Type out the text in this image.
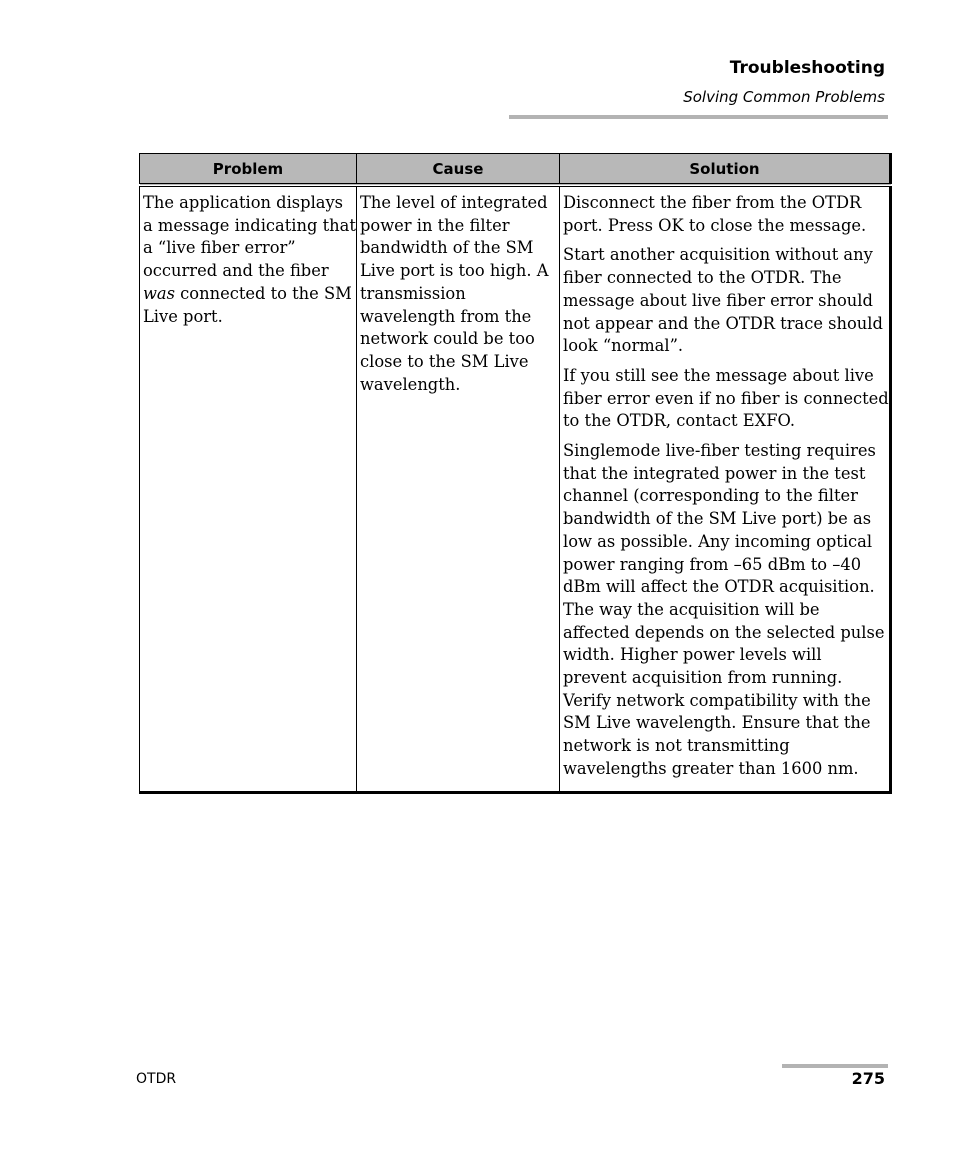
Troubleshooting
Solving Common Problems
Problem	Cause	Solution
The application displays a message indicating that a “live fiber error” occurred and the fiber was connected to the SM Live port.	The level of integrated power in the filter bandwidth of the SM Live port is too high. A transmission wavelength from the network could be too close to the SM Live wavelength.	Disconnect the fiber from the OTDR port. Press OK to close the message.

Start another acquisition without any fiber connected to the OTDR. The message about live fiber error should not appear and the OTDR trace should look “normal”.

If you still see the message about live fiber error even if no fiber is connected to the OTDR, contact EXFO.

Singlemode live-fiber testing requires that the integrated power in the test channel (corresponding to the filter bandwidth of the SM Live port) be as low as possible. Any incoming optical power ranging from –65 dBm to –40 dBm will affect the OTDR acquisition. The way the acquisition will be affected depends on the selected pulse width. Higher power levels will prevent acquisition from running. Verify network compatibility with the SM Live wavelength. Ensure that the network is not transmitting wavelengths greater than 1600 nm.

OTDR	275
